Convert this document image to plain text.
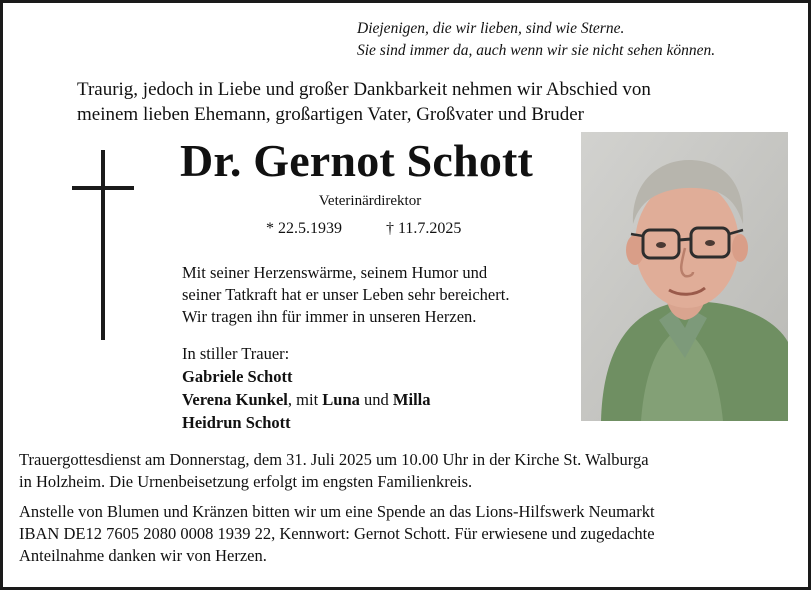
Diejenigen, die wir lieben, sind wie Sterne.
Sie sind immer da, auch wenn wir sie nicht sehen können.
Traurig, jedoch in Liebe und großer Dankbarkeit nehmen wir Abschied von
meinem lieben Ehemann, großartigen Vater, Großvater und Bruder
Dr. Gernot Schott
Veterinärdirektor
* 22.5.1939	† 11.7.2025
Mit seiner Herzenswärme, seinem Humor und
seiner Tatkraft hat er unser Leben sehr bereichert.
Wir tragen ihn für immer in unseren Herzen.
In stiller Trauer:
Gabriele Schott
Verena Kunkel, mit Luna und Milla
Heidrun Schott
Trauergottesdienst am Donnerstag, dem 31. Juli 2025 um 10.00 Uhr in der Kirche St. Walburga
in Holzheim. Die Urnenbeisetzung erfolgt im engsten Familienkreis.
Anstelle von Blumen und Kränzen bitten wir um eine Spende an das Lions-Hilfswerk Neumarkt
IBAN DE12 7605 2080 0008 1939 22, Kennwort: Gernot Schott. Für erwiesene und zugedachte
Anteilnahme danken wir von Herzen.
